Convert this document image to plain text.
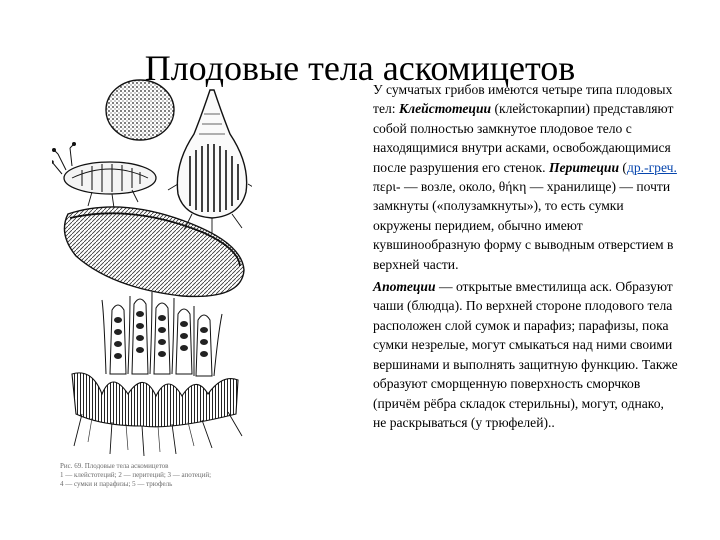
Плодовые тела аскомицетов
Рис. 69. Плодовые тела аскомицетов
1 — клейстотеций; 2 — перитеций; 3 — апотеций;
4 — сумки и парафизы; 5 — трюфель

У сумчатых грибов имеются четыре типа плодовых тел: Клейстотеции (клейстокарпии) представляют собой полностью замкнутое плодовое тело с находящимися внутри асками, освобождающимися после разрушения его стенок. Перитеции (др.-греч. περι- — возле, около, θήκη — хранилище) — почти замкнуты («полузамкнуты»), то есть сумки окружены перидием, обычно имеют кувшинообразную форму с выводным отверстием в верхней части.

Апотеции — открытые вместилища аск. Образуют чаши (блюдца). По верхней стороне плодового тела расположен слой сумок и парафиз; парафизы, пока сумки незрелые, могут смыкаться над ними своими вершинами и выполнять защитную функцию. Также образуют сморщенную поверхность сморчков (причём рёбра складок стерильны), могут, однако, не раскрываться (у трюфелей)..
